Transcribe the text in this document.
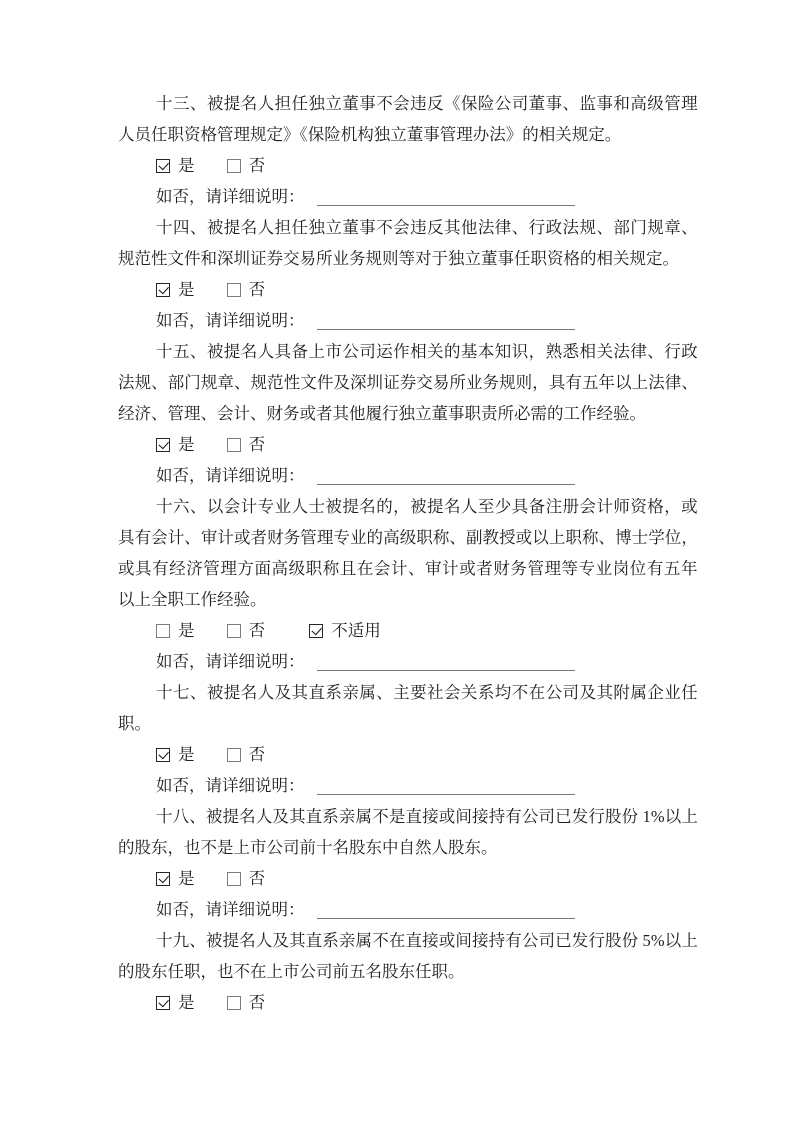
十三、被提名人担任独立董事不会违反《保险公司董事、监事和高级管理
人员任职资格管理规定》《保险机构独立董事管理办法》的相关规定。
是	否
如否，请详细说明：
十四、被提名人担任独立董事不会违反其他法律、行政法规、部门规章、
规范性文件和深圳证券交易所业务规则等对于独立董事任职资格的相关规定。
是	否
如否，请详细说明：
十五、被提名人具备上市公司运作相关的基本知识，熟悉相关法律、行政
法规、部门规章、规范性文件及深圳证券交易所业务规则，具有五年以上法律、
经济、管理、会计、财务或者其他履行独立董事职责所必需的工作经验。
是	否
如否，请详细说明：
十六、以会计专业人士被提名的，被提名人至少具备注册会计师资格，或
具有会计、审计或者财务管理专业的高级职称、副教授或以上职称、博士学位，
或具有经济管理方面高级职称且在会计、审计或者财务管理等专业岗位有五年
以上全职工作经验。
是	否	不适用
如否，请详细说明：
十七、被提名人及其直系亲属、主要社会关系均不在公司及其附属企业任
职。
是	否
如否，请详细说明：
十八、被提名人及其直系亲属不是直接或间接持有公司已发行股份 1%以上
的股东，也不是上市公司前十名股东中自然人股东。
是	否
如否，请详细说明：
十九、被提名人及其直系亲属不在直接或间接持有公司已发行股份 5%以上
的股东任职，也不在上市公司前五名股东任职。
是	否
